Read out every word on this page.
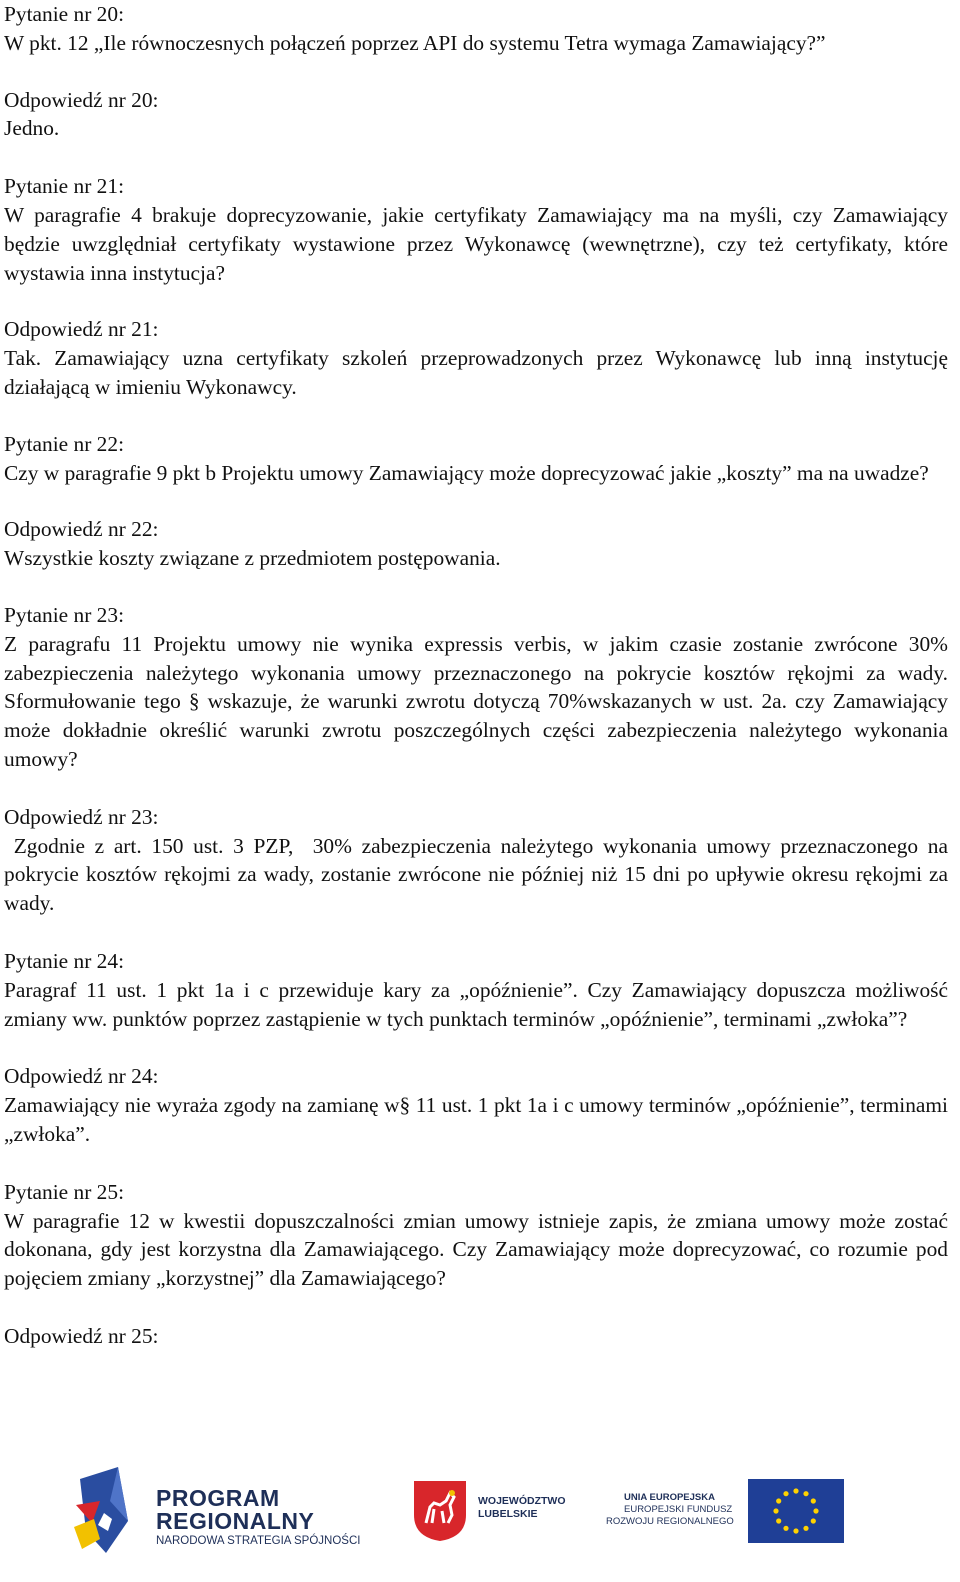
Pytanie nr 20:

W pkt. 12 „Ile równoczesnych połączeń poprzez API do systemu Tetra wymaga Zamawiający?”

Odpowiedź nr 20:

Jedno.

Pytanie nr 21:

W paragrafie 4 brakuje doprecyzowanie, jakie certyfikaty Zamawiający ma na myśli, czy Zamawiający będzie uwzględniał certyfikaty wystawione przez Wykonawcę (wewnętrzne), czy też certyfikaty, które wystawia inna instytucja?

Odpowiedź nr 21:

Tak. Zamawiający uzna certyfikaty szkoleń przeprowadzonych przez Wykonawcę lub inną instytucję działającą w imieniu Wykonawcy.

Pytanie nr 22:

Czy w paragrafie 9 pkt b Projektu umowy Zamawiający może doprecyzować jakie „koszty” ma na uwadze?

Odpowiedź nr 22:

Wszystkie koszty związane z przedmiotem postępowania.

Pytanie nr 23:

Z paragrafu 11 Projektu umowy nie wynika expressis verbis, w jakim czasie zostanie zwrócone 30% zabezpieczenia należytego wykonania umowy przeznaczonego na pokrycie kosztów rękojmi za wady. Sformułowanie tego § wskazuje, że warunki zwrotu dotyczą 70%wskazanych w ust. 2a. czy Zamawiający może dokładnie określić warunki zwrotu poszczególnych części zabezpieczenia należytego wykonania umowy?

Odpowiedź nr 23:

Zgodnie z art. 150 ust. 3 PZP,  30% zabezpieczenia należytego wykonania umowy przeznaczonego na pokrycie kosztów rękojmi za wady, zostanie zwrócone nie później niż 15 dni po upływie okresu rękojmi za wady.

Pytanie nr 24:

Paragraf 11 ust. 1 pkt 1a i c przewiduje kary za „opóźnienie”. Czy Zamawiający dopuszcza możliwość zmiany ww. punktów poprzez zastąpienie w tych punktach terminów „opóźnienie”, terminami „zwłoka”?

Odpowiedź nr 24:

Zamawiający nie wyraża zgody na zamianę w§ 11 ust. 1 pkt 1a i c umowy terminów „opóźnienie”, terminami „zwłoka”.

Pytanie nr 25:

W paragrafie 12 w kwestii dopuszczalności zmian umowy istnieje zapis, że zmiana umowy może zostać dokonana, gdy jest korzystna dla Zamawiającego. Czy Zamawiający może doprecyzować, co rozumie pod pojęciem zmiany „korzystnej” dla Zamawiającego?

Odpowiedź nr 25:

PROGRAM
REGIONALNY
NARODOWA STRATEGIA SPÓJNOŚCI
WOJEWÓDZTWO
LUBELSKIE
UNIA EUROPEJSKA
EUROPEJSKI FUNDUSZ
ROZWOJU REGIONALNEGO
